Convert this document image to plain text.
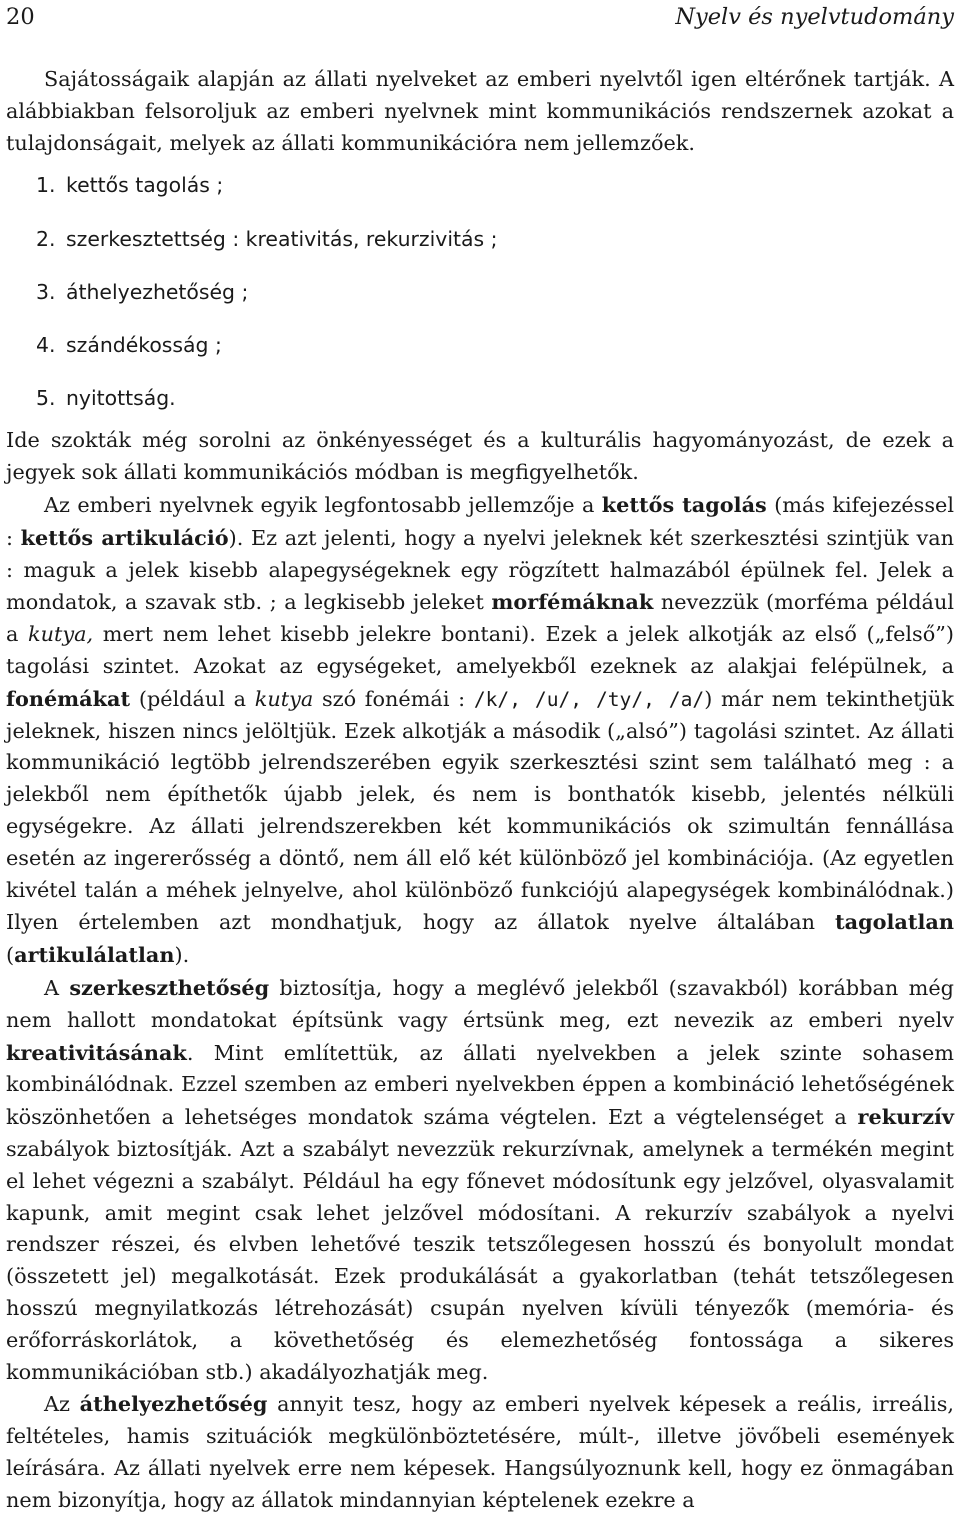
20	Nyelv és nyelvtudomány

Sajátosságaik alapján az állati nyelveket az emberi nyelvtől igen eltérőnek tartják. A alábbiakban felsoroljuk az emberi nyelvnek mint kommunikációs rendszernek azokat a tulajdonságait, melyek az állati kommunikációra nem jellemzőek.

1. kettős tagolás ;
2. szerkesztettség : kreativitás, rekurzivitás ;
3. áthelyezhetőség ;
4. szándékosság ;
5. nyitottság.

Ide szokták még sorolni az önkényességet és a kulturális hagyományozást, de ezek a jegyek sok állati kommunikációs módban is megfigyelhetők.

Az emberi nyelvnek egyik legfontosabb jellemzője a kettős tagolás (más kifejezéssel : kettős artikuláció). Ez azt jelenti, hogy a nyelvi jeleknek két szerkesztési szintjük van : maguk a jelek kisebb alapegységeknek egy rögzített halmazából épülnek fel. Jelek a mondatok, a szavak stb. ; a legkisebb jeleket morfémáknak nevezzük (morféma például a kutya, mert nem lehet kisebb jelekre bontani). Ezek a jelek alkotják az első („felső”) tagolási szintet. Azokat az egységeket, amelyekből ezeknek az alakjai felépülnek, a fonémákat (például a kutya szó fonémái : /k/, /u/, /ty/, /a/) már nem tekinthetjük jeleknek, hiszen nincs jelöltjük. Ezek alkotják a második („alsó”) tagolási szintet. Az állati kommunikáció legtöbb jelrendszerében egyik szerkesztési szint sem található meg : a jelekből nem építhetők újabb jelek, és nem is bonthatók kisebb, jelentés nélküli egységekre. Az állati jelrendszerekben két kommunikációs ok szimultán fennállása esetén az ingererősség a döntő, nem áll elő két különböző jel kombinációja. (Az egyetlen kivétel talán a méhek jelnyelve, ahol különböző funkciójú alapegységek kombinálódnak.) Ilyen értelemben azt mondhatjuk, hogy az állatok nyelve általában tagolatlan (artikulálatlan).

A szerkeszthetőség biztosítja, hogy a meglévő jelekből (szavakból) korábban még nem hallott mondatokat építsünk vagy értsünk meg, ezt nevezik az emberi nyelv kreativitásának. Mint említettük, az állati nyelvekben a jelek szinte sohasem kombinálódnak. Ezzel szemben az emberi nyelvekben éppen a kombináció lehetőségének köszönhetően a lehetséges mondatok száma végtelen. Ezt a végtelenséget a rekurzív szabályok biztosítják. Azt a szabályt nevezzük rekurzívnak, amelynek a termékén megint el lehet végezni a szabályt. Például ha egy főnevet módosítunk egy jelzővel, olyasvalamit kapunk, amit megint csak lehet jelzővel módosítani. A rekurzív szabályok a nyelvi rendszer részei, és elvben lehetővé teszik tetszőlegesen hosszú és bonyolult mondat (összetett jel) megalkotását. Ezek produkálását a gyakorlatban (tehát tetszőlegesen hosszú megnyilatkozás létrehozását) csupán nyelven kívüli tényezők (memória- és erőforráskorlátok, a követhetőség és elemezhetőség fontossága a sikeres kommunikációban stb.) akadályozhatják meg.

Az áthelyezhetőség annyit tesz, hogy az emberi nyelvek képesek a reális, irreális, feltételes, hamis szituációk megkülönböztetésére, múlt-, illetve jövőbeli események leírására. Az állati nyelvek erre nem képesek. Hangsúlyoznunk kell, hogy ez önmagában nem bizonyítja, hogy az állatok mindannyian képtelenek ezekre a
